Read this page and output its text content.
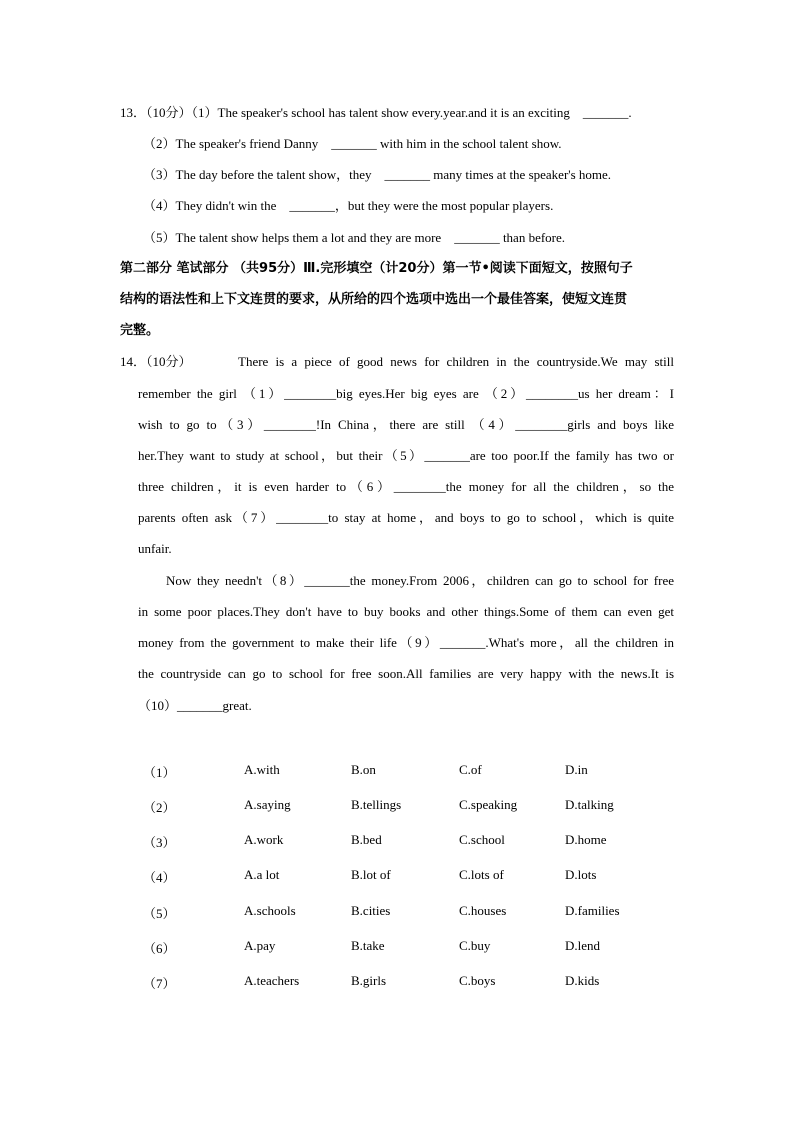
13．（10分）（1）The speaker's school has talent show every.year.and it is an exciting　_______.
（2）The speaker's friend Danny　_______ with him in the school talent show.
（3）The day before the talent show，they　_______ many times at the speaker's home.
（4）They didn't win the　_______，but they were the most popular players.
（5）The talent show helps them a lot and they are more　_______ than before.
第二部分 笔试部分 （共95分）Ⅲ.完形填空（计20分）第一节•阅读下面短文，按照句子
结构的语法性和上下文连贯的要求，从所给的四个选项中选出一个最佳答案，使短文连贯
完整。
14．（10分）	There is a piece of good news for children in the countryside.We may still
remember the girl （1）________big eyes.Her big eyes are （2）________us her dream：I
wish to go to（3）________!In China，there are still （4）________girls and boys like
her.They want to study at school，but their（5）_______are too poor.If the family has two or
three children，it is even harder to（6）________the money for all the children，so the
parents often ask（7）________to stay at home，and boys to go to school，which is quite
unfair.
Now they needn't（8）_______the money.From 2006，children can go to school for free
in some poor places.They don't have to buy books and other things.Some of them can even get
money from the government to make their life（9）_______.What's more，all the children in
the countryside can go to school for free soon.All families are very happy with the news.It is
（10）_______great.
（1）	A.with	B.on	C.of	D.in
（2）	A.saying	B.tellings	C.speaking	D.talking
（3）	A.work	B.bed	C.school	D.home
（4）	A.a lot	B.lot of	C.lots of	D.lots
（5）	A.schools	B.cities	C.houses	D.families
（6）	A.pay	B.take	C.buy	D.lend
（7）	A.teachers	B.girls	C.boys	D.kids
